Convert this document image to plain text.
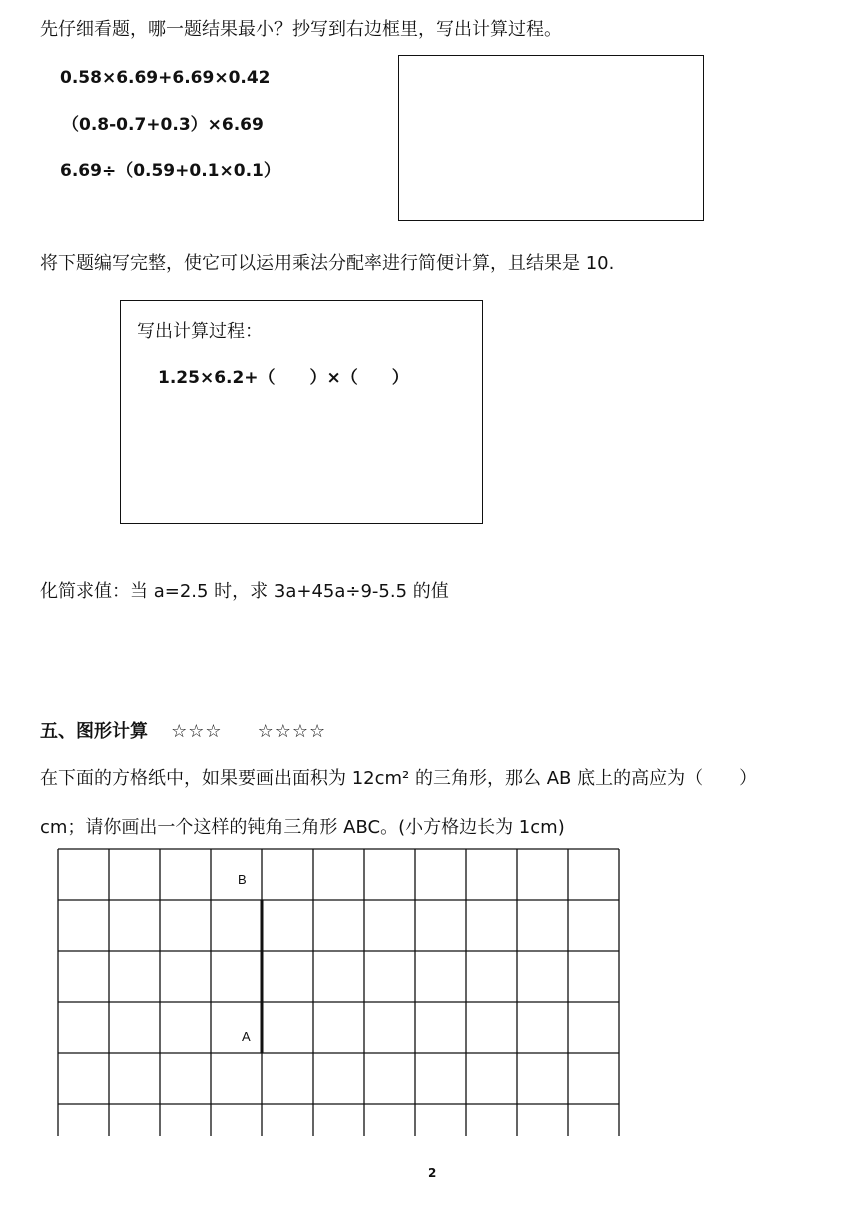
先仔细看题，哪一题结果最小？抄写到右边框里，写出计算过程。
0.58×6.69+6.69×0.42
（0.8-0.7+0.3）×6.69
6.69÷（0.59+0.1×0.1）
将下题编写完整，使它可以运用乘法分配率进行简便计算，且结果是 10.
写出计算过程：
1.25×6.2+（　　）×（　　）
化简求值：当 a=2.5 时，求 3a+45a÷9-5.5 的值
五、图形计算 ☆☆☆ ☆☆☆☆
在下面的方格纸中，如果要画出面积为 12cm² 的三角形，那么 AB 底上的高应为（　　）
cm；请你画出一个这样的钝角三角形 ABC。(小方格边长为 1cm)
B
A
2
